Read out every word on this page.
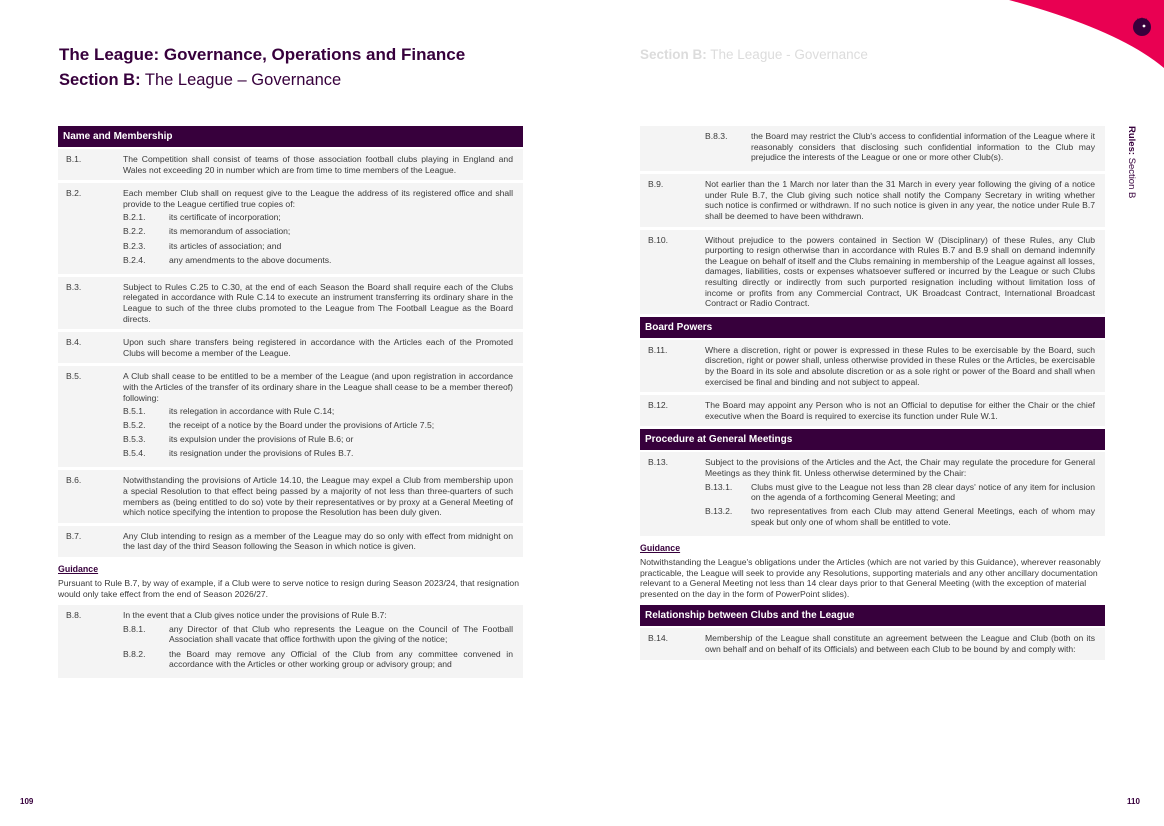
The League: Governance, Operations and Finance
Section B: The League – Governance
Name and Membership
B.1.	The Competition shall consist of teams of those association football clubs playing in England and Wales not exceeding 20 in number which are from time to time members of the League.
B.2.	Each member Club shall on request give to the League the address of its registered office and shall provide to the League certified true copies of:
B.2.1.	its certificate of incorporation;
B.2.2.	its memorandum of association;
B.2.3.	its articles of association; and
B.2.4.	any amendments to the above documents.
B.3.	Subject to Rules C.25 to C.30, at the end of each Season the Board shall require each of the Clubs relegated in accordance with Rule C.14 to execute an instrument transferring its ordinary share in the League to such of the three clubs promoted to the League from The Football League as the Board directs.
B.4.	Upon such share transfers being registered in accordance with the Articles each of the Promoted Clubs will become a member of the League.
B.5.	A Club shall cease to be entitled to be a member of the League (and upon registration in accordance with the Articles of the transfer of its ordinary share in the League shall cease to be a member thereof) following:
B.5.1.	its relegation in accordance with Rule C.14;
B.5.2.	the receipt of a notice by the Board under the provisions of Article 7.5;
B.5.3.	its expulsion under the provisions of Rule B.6; or
B.5.4.	its resignation under the provisions of Rules B.7.
B.6.	Notwithstanding the provisions of Article 14.10, the League may expel a Club from membership upon a special Resolution to that effect being passed by a majority of not less than three-quarters of such members as (being entitled to do so) vote by their representatives or by proxy at a General Meeting of which notice specifying the intention to propose the Resolution has been duly given.
B.7.	Any Club intending to resign as a member of the League may do so only with effect from midnight on the last day of the third Season following the Season in which notice is given.
Guidance
Pursuant to Rule B.7, by way of example, if a Club were to serve notice to resign during Season 2023/24, that resignation would only take effect from the end of Season 2026/27.
B.8.	In the event that a Club gives notice under the provisions of Rule B.7:
B.8.1.	any Director of that Club who represents the League on the Council of The Football Association shall vacate that office forthwith upon the giving of the notice;
B.8.2.	the Board may remove any Official of the Club from any committee convened in accordance with the Articles or other working group or advisory group; and
109
Section B: The League - Governance
Rules: Section B
B.8.3.	the Board may restrict the Club's access to confidential information of the League where it reasonably considers that disclosing such confidential information to the Club may prejudice the interests of the League or one or more other Club(s).
B.9.	Not earlier than the 1 March nor later than the 31 March in every year following the giving of a notice under Rule B.7, the Club giving such notice shall notify the Company Secretary in writing whether such notice is confirmed or withdrawn. If no such notice is given in any year, the notice under Rule B.7 shall be deemed to have been withdrawn.
B.10.	Without prejudice to the powers contained in Section W (Disciplinary) of these Rules, any Club purporting to resign otherwise than in accordance with Rules B.7 and B.9 shall on demand indemnify the League on behalf of itself and the Clubs remaining in membership of the League against all losses, damages, liabilities, costs or expenses whatsoever suffered or incurred by the League or such Clubs resulting directly or indirectly from such purported resignation including without limitation loss of income or profits from any Commercial Contract, UK Broadcast Contract, International Broadcast Contract or Radio Contract.
Board Powers
B.11.	Where a discretion, right or power is expressed in these Rules to be exercisable by the Board, such discretion, right or power shall, unless otherwise provided in these Rules or the Articles, be exercisable by the Board in its sole and absolute discretion or as a sole right or power of the Board and shall when exercised be final and binding and not subject to appeal.
B.12.	The Board may appoint any Person who is not an Official to deputise for either the Chair or the chief executive when the Board is required to exercise its function under Rule W.1.
Procedure at General Meetings
B.13.	Subject to the provisions of the Articles and the Act, the Chair may regulate the procedure for General Meetings as they think fit. Unless otherwise determined by the Chair:
B.13.1.	Clubs must give to the League not less than 28 clear days' notice of any item for inclusion on the agenda of a forthcoming General Meeting; and
B.13.2.	two representatives from each Club may attend General Meetings, each of whom may speak but only one of whom shall be entitled to vote.
Guidance
Notwithstanding the League's obligations under the Articles (which are not varied by this Guidance), wherever reasonably practicable, the League will seek to provide any Resolutions, supporting materials and any other ancillary documentation relevant to a General Meeting not less than 14 clear days prior to that General Meeting (with the exception of material presented on the day in the form of PowerPoint slides).
Relationship between Clubs and the League
B.14.	Membership of the League shall constitute an agreement between the League and Club (both on its own behalf and on behalf of its Officials) and between each Club to be bound by and comply with:
110
